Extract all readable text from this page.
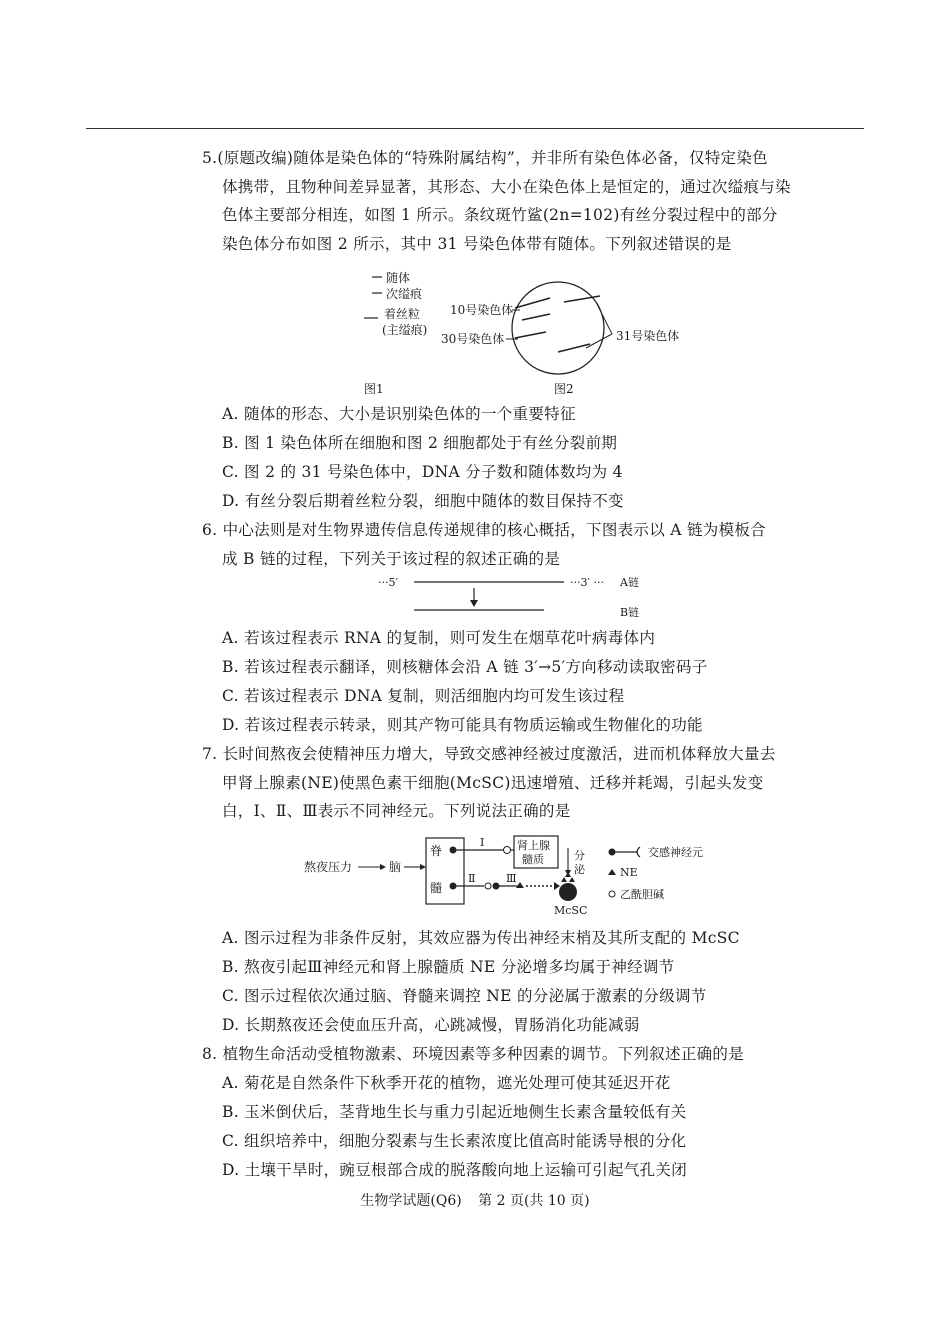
5.(原题改编)随体是染色体的“特殊附属结构”，并非所有染色体必备，仅特定染色
体携带，且物种间差异显著，其形态、大小在染色体上是恒定的，通过次缢痕与染
色体主要部分相连，如图 1 所示。条纹斑竹鲨(2n=102)有丝分裂过程中的部分
染色体分布如图 2 所示，其中 31 号染色体带有随体。下列叙述错误的是
随体
次缢痕
着丝粒
(主缢痕)
图1
10号染色体
30号染色体	31号染色体
图2
A. 随体的形态、大小是识别染色体的一个重要特征
B. 图 1 染色体所在细胞和图 2 细胞都处于有丝分裂前期
C. 图 2 的 31 号染色体中，DNA 分子数和随体数均为 4
D. 有丝分裂后期着丝粒分裂，细胞中随体的数目保持不变
6. 中心法则是对生物界遗传信息传递规律的核心概括，下图表示以 A 链为模板合
成 B 链的过程，下列关于该过程的叙述正确的是
···5′	···3′ ··· A链
B链
A. 若该过程表示 RNA 的复制，则可发生在烟草花叶病毒体内
B. 若该过程表示翻译，则核糖体会沿 A 链 3′→5′方向移动读取密码子
C. 若该过程表示 DNA 复制，则活细胞内均可发生该过程
D. 若该过程表示转录，则其产物可能具有物质运输或生物催化的功能
7. 长时间熬夜会使精神压力增大，导致交感神经被过度激活，进而机体释放大量去
甲肾上腺素(NE)使黑色素干细胞(McSC)迅速增殖、迁移并耗竭，引起头发变
白，Ⅰ、Ⅱ、Ⅲ表示不同神经元。下列说法正确的是
熬夜压力	脑
脊
髓
Ⅰ	肾上腺
髓质	分
泌
Ⅱ	Ⅲ
McSC
交感神经元
NE
乙酰胆碱
A. 图示过程为非条件反射，其效应器为传出神经末梢及其所支配的 McSC
B. 熬夜引起Ⅲ神经元和肾上腺髓质 NE 分泌增多均属于神经调节
C. 图示过程依次通过脑、脊髓来调控 NE 的分泌属于激素的分级调节
D. 长期熬夜还会使血压升高，心跳减慢，胃肠消化功能减弱
8. 植物生命活动受植物激素、环境因素等多种因素的调节。下列叙述正确的是
A. 菊花是自然条件下秋季开花的植物，遮光处理可使其延迟开花
B. 玉米倒伏后，茎背地生长与重力引起近地侧生长素含量较低有关
C. 组织培养中，细胞分裂素与生长素浓度比值高时能诱导根的分化
D. 土壤干旱时，豌豆根部合成的脱落酸向地上运输可引起气孔关闭
生物学试题(Q6) 第 2 页(共 10 页)
